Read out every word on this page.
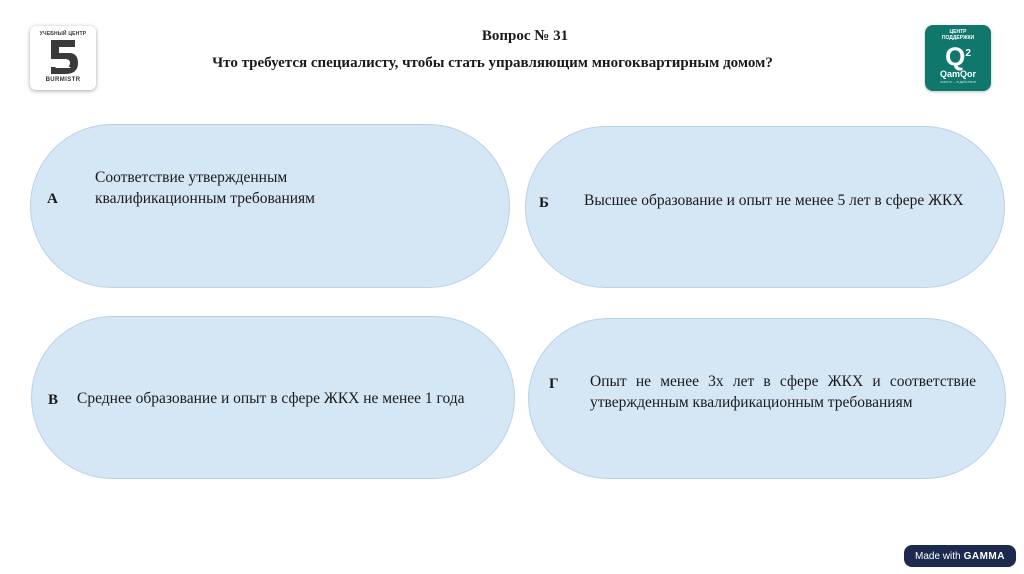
УЧЕБНЫЙ ЦЕНТР
BURMISTR
ЦЕНТР
ПОДДЕРЖКИ
$Q^2$
QamQor
ЗАБОТА — В ДЕЙСТВИИ
Вопрос № 31
Что требуется специалисту, чтобы стать управляющим многоквартирным домом?
А
Соответствие утвержденным квалификационным требованиям	Б Высшее образование и опыт не менее 5 лет в сфере ЖКХ
В Среднее образование и опыт в сфере ЖКХ не менее 1 года
Г Опыт не менее 3х лет в сфере ЖКХ и соответствие утвержденным квалификационным требованиям
Made with GAMMA
